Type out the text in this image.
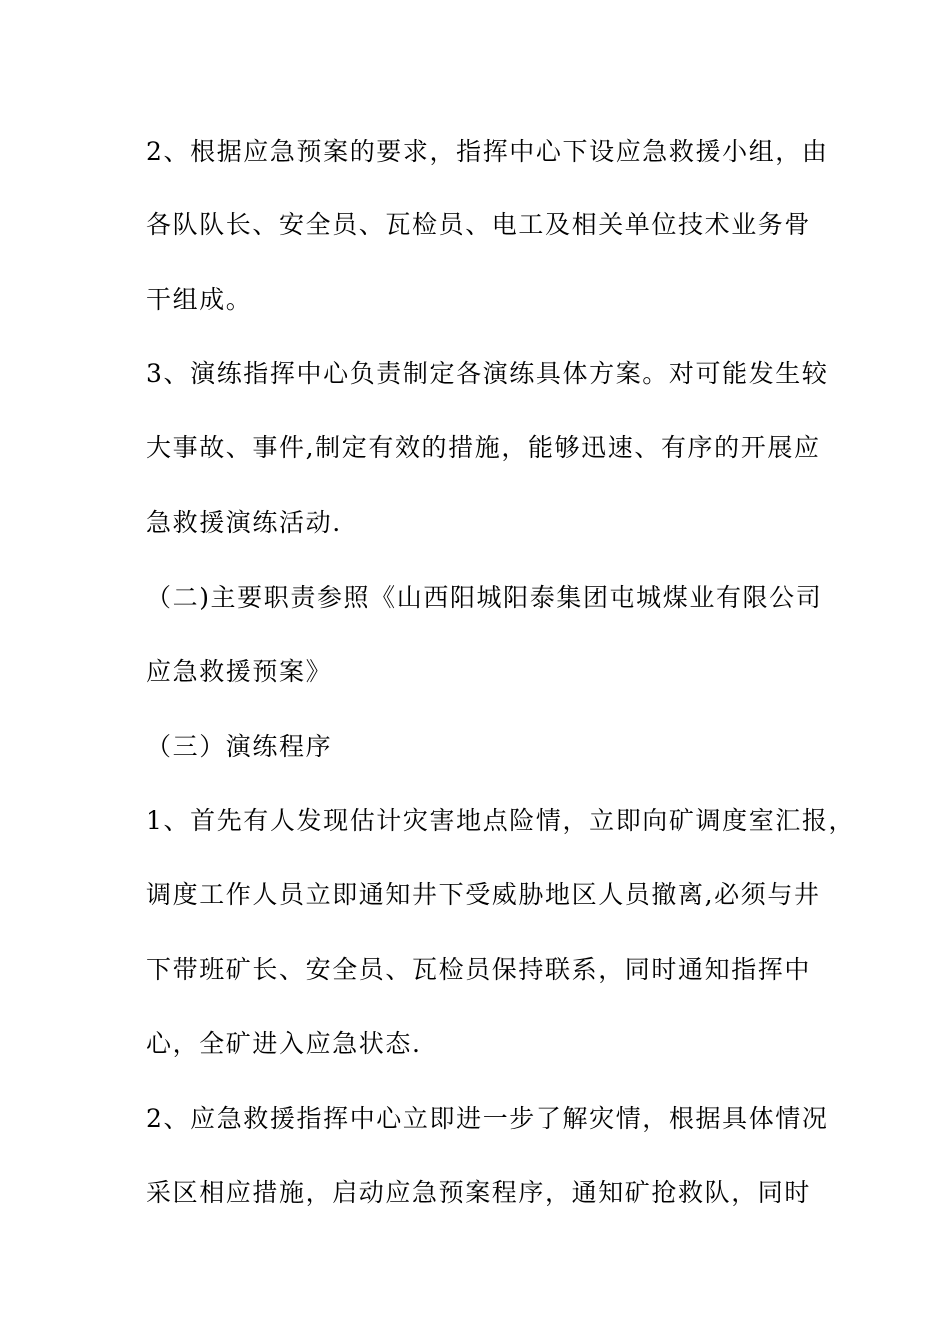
2、根据应急预案的要求，指挥中心下设应急救援小组，由
各队队长、安全员、瓦检员、电工及相关单位技术业务骨
干组成。
3、演练指挥中心负责制定各演练具体方案。对可能发生较
大事故、事件,制定有效的措施，能够迅速、有序的开展应
急救援演练活动.
（二)主要职责参照《山西阳城阳泰集团屯城煤业有限公司
应急救援预案》
（三）演练程序
1、首先有人发现估计灾害地点险情，立即向矿调度室汇报，
调度工作人员立即通知井下受威胁地区人员撤离,必须与井
下带班矿长、安全员、瓦检员保持联系，同时通知指挥中
心，全矿进入应急状态.
2、应急救援指挥中心立即进一步了解灾情，根据具体情况
采区相应措施，启动应急预案程序，通知矿抢救队，同时
